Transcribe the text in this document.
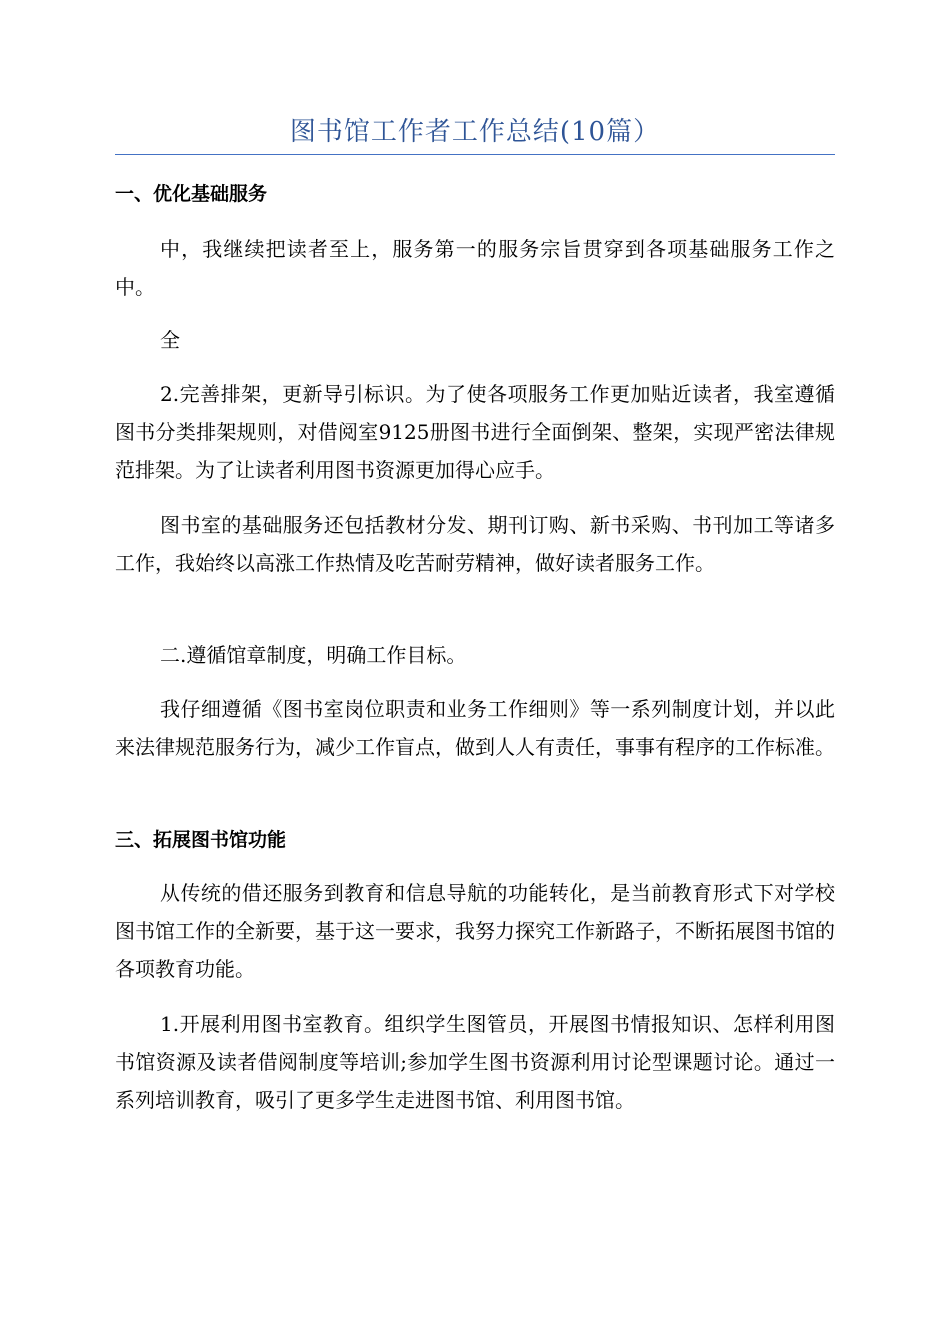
图书馆工作者工作总结(10篇）

一、优化基础服务

中，我继续把读者至上，服务第一的服务宗旨贯穿到各项基础服务工作之中。

全

2.完善排架，更新导引标识。为了使各项服务工作更加贴近读者，我室遵循图书分类排架规则，对借阅室9125册图书进行全面倒架、整架，实现严密法律规范排架。为了让读者利用图书资源更加得心应手。

图书室的基础服务还包括教材分发、期刊订购、新书采购、书刊加工等诸多工作，我始终以高涨工作热情及吃苦耐劳精神，做好读者服务工作。

二.遵循馆章制度，明确工作目标。

我仔细遵循《图书室岗位职责和业务工作细则》等一系列制度计划，并以此来法律规范服务行为，减少工作盲点，做到人人有责任，事事有程序的工作标准。

三、拓展图书馆功能

从传统的借还服务到教育和信息导航的功能转化，是当前教育形式下对学校图书馆工作的全新要，基于这一要求，我努力探究工作新路子，不断拓展图书馆的各项教育功能。

1.开展利用图书室教育。组织学生图管员，开展图书情报知识、怎样利用图书馆资源及读者借阅制度等培训;参加学生图书资源利用讨论型课题讨论。通过一系列培训教育，吸引了更多学生走进图书馆、利用图书馆。
